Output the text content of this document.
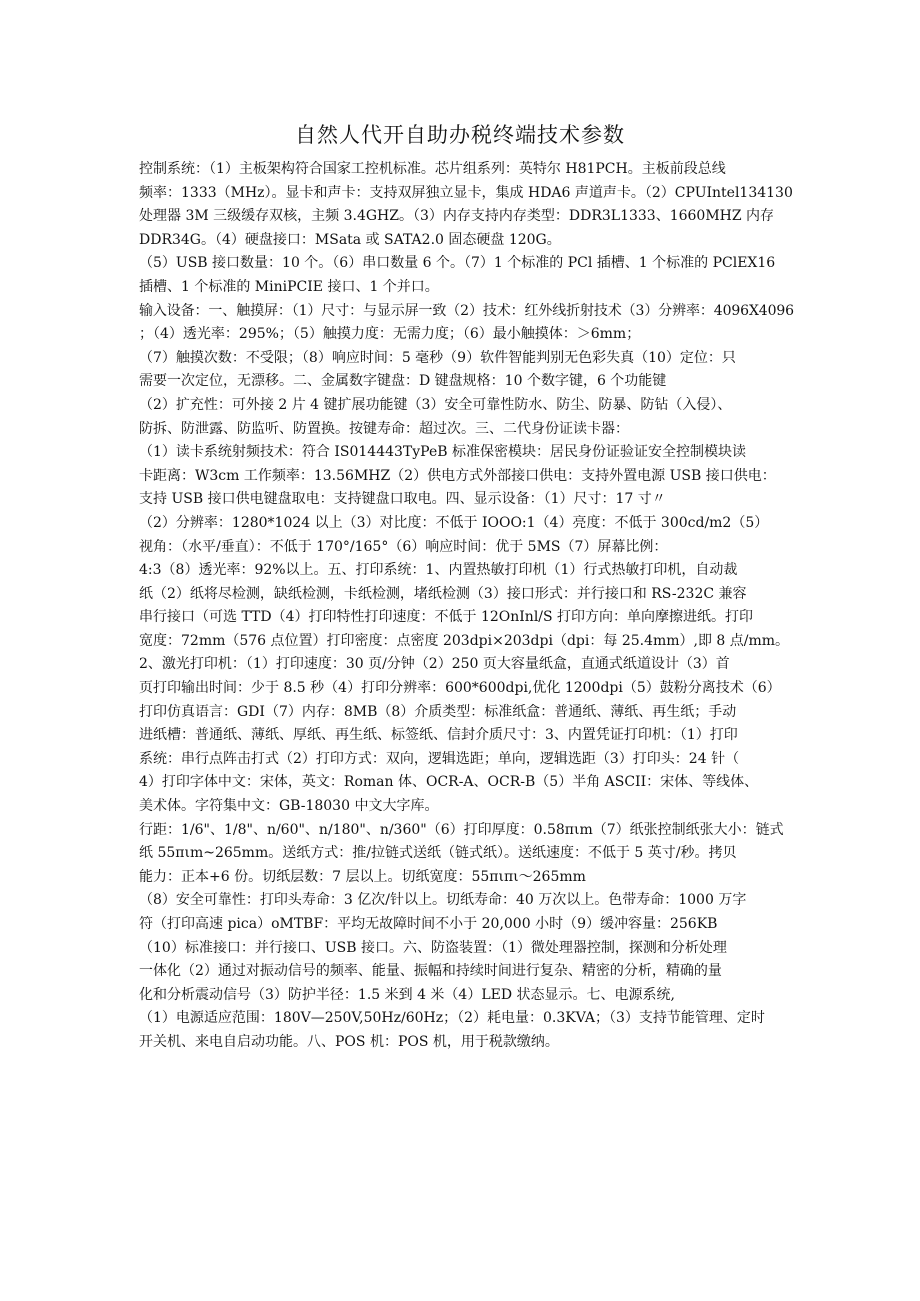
自然人代开自助办税终端技术参数
控制系统：（1）主板架构符合国家工控机标准。芯片组系列：英特尔 H81PCH。主板前段总线
频率：1333（MHz）。显卡和声卡：支持双屏独立显卡，集成 HDA6 声道声卡。（2）CPUIntel134130
处理器 3M 三级缓存双核，主频 3.4GHZ。（3）内存支持内存类型：DDR3L1333、1660MHZ 内存
DDR34G。（4）硬盘接口：MSata 或 SATA2.0 固态硬盘 120G。
（5）USB 接口数量：10 个。（6）串口数量 6 个。（7）1 个标准的 PCl 插槽、1 个标准的 PClEX16
插槽、1 个标准的 MiniPCIE 接口、1 个并口。
输入设备：一、触摸屏：（1）尺寸：与显示屏一致（2）技术：红外线折射技术（3）分辨率：4096X4096
；（4）透光率：295%；（5）触摸力度：无需力度；（6）最小触摸体：＞6mm；
（7）触摸次数：不受限；（8）响应时间：5 毫秒（9）软件智能判别无色彩失真（10）定位：只
需要一次定位，无漂移。二、金属数字键盘：D 键盘规格：10 个数字键，6 个功能键
（2）扩充性：可外接 2 片 4 键扩展功能键（3）安全可靠性防水、防尘、防暴、防钻（入侵）、
防拆、防泄露、防监听、防置换。按键寿命：超过次。三、二代身份证读卡器：
（1）读卡系统射频技术：符合 IS014443TyPeB 标准保密模块：居民身份证验证安全控制模块读
卡距离：W3cm 工作频率：13.56MHZ（2）供电方式外部接口供电：支持外置电源 USB 接口供电：
支持 USB 接口供电键盘取电：支持键盘口取电。四、显示设备：（1）尺寸：17 寸〃
（2）分辨率：1280*1024 以上（3）对比度：不低于 IOOO:1（4）亮度：不低于 300cd∕m2（5）
视角：（水平/垂直）：不低于 170°/165°（6）响应时间：优于 5MS（7）屏幕比例：
4:3（8）透光率：92%以上。五、打印系统：1、内置热敏打印机（1）行式热敏打印机，自动裁
纸（2）纸将尽检测，缺纸检测，卡纸检测，堵纸检测（3）接口形式：并行接口和 RS-232C 兼容
串行接口（可选 TTD（4）打印特性打印速度：不低于 12OnInl/S 打印方向：单向摩擦进纸。打印
宽度：72mm（576 点位置）打印密度：点密度 203dpi×203dpi（dpi：每 25.4mm）,即 8 点/mm。
2、激光打印机：（1）打印速度：30 页/分钟（2）250 页大容量纸盒，直通式纸道设计（3）首
页打印输出时间：少于 8.5 秒（4）打印分辨率：600*600dpi,优化 1200dpi（5）鼓粉分离技术（6）
打印仿真语言：GDI（7）内存：8MB（8）介质类型：标准纸盒：普通纸、薄纸、再生纸；手动
进纸槽：普通纸、薄纸、厚纸、再生纸、标签纸、信封介质尺寸：3、内置凭证打印机：（1）打印
系统：串行点阵击打式（2）打印方式：双向，逻辑选距；单向，逻辑选距（3）打印头：24 针（
4）打印字体中文：宋体，英文：Roman 体、OCR-A、OCR-B（5）半角 ASCII：宋体、等线体、
美术体。字符集中文：GB-18030 中文大字库。
行距：1/6"、1/8"、n∕60"、n∕180"、n∕360"（6）打印厚度：0.58πιm（7）纸张控制纸张大小：链式
纸 55πιm~265mm。送纸方式：推/拉链式送纸（链式纸）。送纸速度：不低于 5 英寸/秒。拷贝
能力：正本+6 份。切纸层数：7 层以上。切纸宽度：55πιπι～265mm
（8）安全可靠性：打印头寿命：3 亿次/针以上。切纸寿命：40 万次以上。色带寿命：1000 万字
符（打印高速 pica）oMTBF：平均无故障时间不小于 20,000 小时（9）缓冲容量：256KB
（10）标准接口：并行接口、USB 接口。六、防盗装置：（1）微处理器控制，探测和分析处理
一体化（2）通过对振动信号的频率、能量、振幅和持续时间进行复杂、精密的分析，精确的量
化和分析震动信号（3）防护半径：1.5 米到 4 米（4）LED 状态显示。七、电源系统,
（1）电源适应范围：180V—250V,50Hz∕60Hz；（2）耗电量：0.3KVA；（3）支持节能管理、定时
开关机、来电自启动功能。八、POS 机：POS 机，用于税款缴纳。
